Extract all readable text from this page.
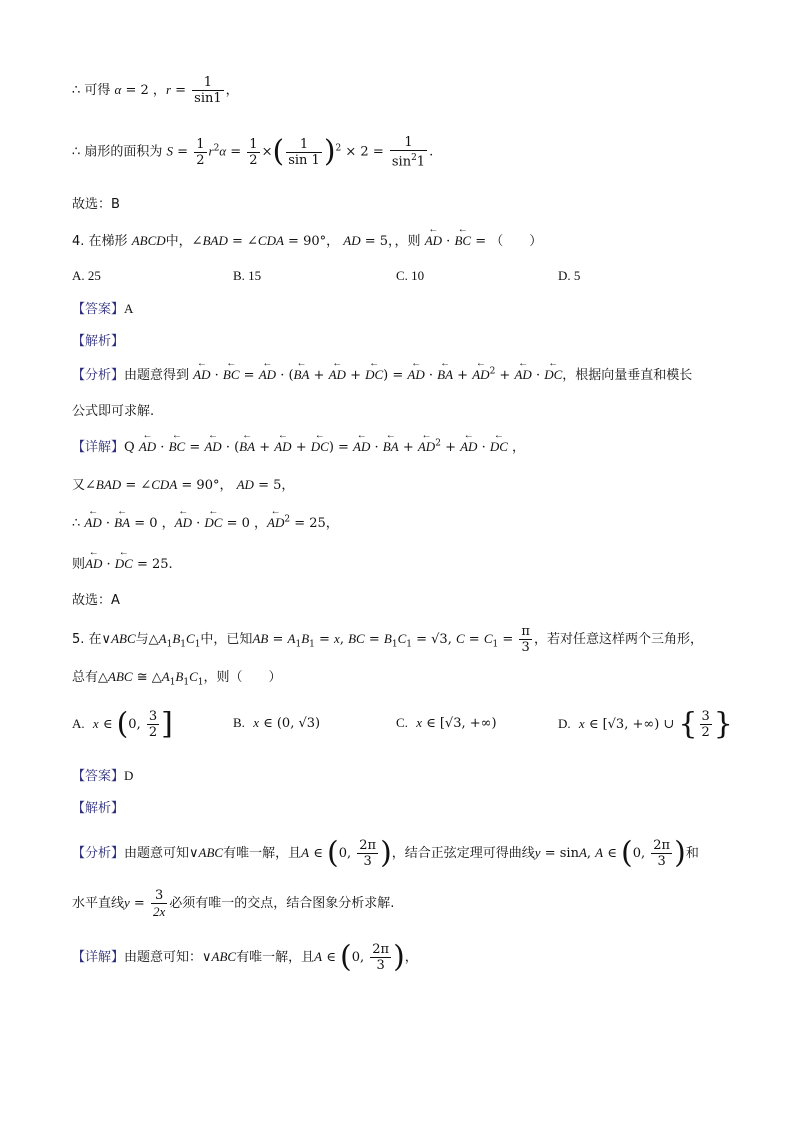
∴ 可得 α = 2 ，$r = \frac{1}{\sin 1}$ ，
∴ 扇形的面积为 $S = \frac{1}{2} r^2\alpha = \frac{1}{2}$ ×( $\frac{1}{\sin 1} )^2 \times 2 = \frac{1}{\sin^21}$ .
故选：B
4. 在梯形 ABCD中，∠BAD = ∠CDA = 90°， AD = 5，，则 ← AD · ← BC = （　　）
A. 25	B. 15	C. 10	D. 5
【答案】A
【解析】
【分析】由题意得到 ← AD · ← BC = ← AD · (← BA + ← AD + ← DC) = ← AD · ← BA + ← $AD^2$ + ← AD · ← DC，根据向量垂直和模长
公式即可求解.
【详解】Q ← AD · ← BC = ← AD · (← BA + ← AD + ← DC) = ← AD · ← BA + ← $AD^2$ + ← AD · ← DC ，
又∠BAD = ∠CDA = 90°， AD = 5，
∴ ← AD · ← BA = 0 ，← AD · ← DC = 0 ，← $AD^2 = 25$，
则← AD · ← DC = 25.
故选：A
5. 在∨ABC与$\triangle A_1B_1C_1$中，已知AB = $A_1B_1 = x$, BC = $B_1C_1 = √3$, $C = C_1 = \frac{\pi}{3}$ ，若对任意这样两个三角形，
总有△ABC ≅ $\triangle A_1B_1C_1$，则（　　）
A. x ∈ (0, $\frac{3}{2}$ ]	B. x ∈ (0, √3)	C. x ∈ [√3, +∞)	D. x ∈ [√3, +∞) ∪ { $\frac{3}{2}$ }
【答案】D
【解析】
【分析】由题意可知∨ABC有唯一解，且A ∈ (0, $\frac{2\pi}{3}$ )，结合正弦定理可得曲线y = sinA, A ∈ (0, $\frac{2\pi}{3}$ )和
水平直线$y = \frac{3}{2x}$ 必须有唯一的交点，结合图象分析求解.
【详解】由题意可知：∨ABC有唯一解，且A ∈ (0, $\frac{2\pi}{3}$ )，
